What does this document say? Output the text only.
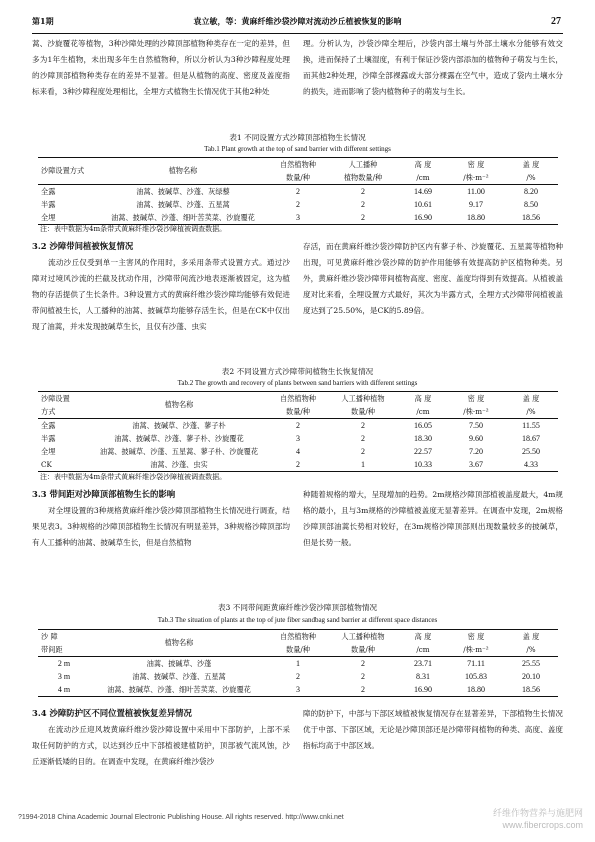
第1期	袁立敏，等：黄麻纤维沙袋沙障对流动沙丘植被恢复的影响	27

蒿、沙旋覆花等植物，3种沙障处理的沙障顶部植物种类存在一定的差异，但多为1年生植物，未出现多年生自然植物种，所以分析认为3种沙障程度处理的沙障顶部植物种类存在的差异不显著。但是从植物的高度、密度及盖度指标来看，3种沙障程度处理相比，全埋方式植物生长情况优于其他2种处

理。分析认为，沙袋沙障全埋后，沙袋内部土壤与外部土壤水分能够有效交换，进而保持了土壤湿度，有利于保证沙袋内部添加的植物种子萌发与生长，而其他2种处理，沙障全部裸露或大部分裸露在空气中，造成了袋内土壤水分的损失，进而影响了袋内植物种子的萌发与生长。

表1 不同设置方式沙障顶部植物生长情况
Tab.1 Plant growth at the top of sand barrier with different settings
沙障设置方式	植物名称	自然植物种	人工播种	高 度	密 度	盖 度
		数量/种	植物数量/种	/cm	/株·m⁻²	/%
全露	油蒿、披碱草、沙蓬、灰绿藜	2	2	14.69	11.00	8.20
半露	油蒿、披碱草、沙蓬、五星蒿	2	2	10.61	9.17	8.50
全埋	油蒿、披碱草、沙蓬、细叶苦荬菜、沙旋覆花	3	2	16.90	18.80	18.56
注：表中数据为4m条带式黄麻纤维沙袋沙障植被调查数据。
3.2 沙障带间植被恢复情况

流动沙丘仅受到单一主害风的作用时，多采用条带式设置方式。通过沙障对过境风沙流的拦截及扰动作用，沙障带间流沙地表逐渐被固定，这为植物的存活提供了生长条件。3种设置方式的黄麻纤维沙袋沙障均能够有效促进带间植被生长，人工播种的油蒿、披碱草均能够存活生长，但是在CK中仅出现了油蒿，并未发现披碱草生长，且仅有沙蓬、虫实

存活，而在黄麻纤维沙袋沙障防护区内有蓼子朴、沙旋覆花、五星蒿等植物种出现，可见黄麻纤维沙袋沙障的防护作用能够有效提高防护区植物种类。另外，黄麻纤维沙袋沙障带间植物高度、密度、盖度均得到有效提高。从植被盖度对比来看，全埋设置方式最好，其次为半露方式，全埋方式沙障带间植被盖度达到了25.50%，是CK的5.89倍。

表2 不同设置方式沙障带间植物生长恢复情况
Tab.2 The growth and recovery of plants between sand barriers with different settings
沙障设置	植物名称	自然植物种	人工播种植物	高 度	密 度	盖 度
方式		数量/种	数量/种	/cm	/株·m⁻²	/%
全露	油蒿、披碱草、沙蓬、蓼子朴	2	2	16.05	7.50	11.55
半露	油蒿、披碱草、沙蓬、蓼子朴、沙旋覆花	3	2	18.30	9.60	18.67
全埋	油蒿、披碱草、沙蓬、五星蒿、蓼子朴、沙旋覆花	4	2	22.57	7.20	25.50
CK	油蒿、沙蓬、虫实	2	1	10.33	3.67	4.33
注：表中数据为4m条带式黄麻纤维沙袋沙障植被调查数据。
3.3 带间距对沙障顶部植物生长的影响

对全埋设置的3种规格黄麻纤维沙袋沙障顶部植物生长情况进行调查，结果见表3。3种规格的沙障顶部植物生长情况有明显差异，3种规格沙障顶部均有人工播种的油蒿、披碱草生长，但是自然植物

种随着规格的增大，呈现增加的趋势。2m规格沙障顶部植被盖度最大，4m规格的最小，且与3m规格的沙障植被盖度无显著差异。在调查中发现，2m规格沙障顶部油蒿长势相对较好，在3m规格沙障顶部则出现数量较多的披碱草，但是长势一般。

表3 不同带间距黄麻纤维沙袋沙障顶部植物情况
Tab.3 The situation of plants at the top of jute fiber sandbag sand barrier at different space distances
沙 障	植物名称	自然植物种	人工播种植物	高 度	密 度	盖 度
带间距		数量/种	数量/种	/cm	/株·m⁻²	/%
2 m	油蒿、披碱草、沙蓬	1	2	23.71	71.11	25.55
3 m	油蒿、披碱草、沙蓬、五星蒿	2	2	8.31	105.83	20.10
4 m	油蒿、披碱草、沙蓬、细叶苦荬菜、沙旋覆花	3	2	16.90	18.80	18.56
3.4 沙障防护区不同位置植被恢复差异情况

在流动沙丘迎风坡黄麻纤维沙袋沙障设置中采用中下部防护，上部不采取任何防护的方式，以达到沙丘中下部植被建植防护，顶部被气流风蚀，沙丘逐渐低矮的目的。在调查中发现，在黄麻纤维沙袋沙

障的防护下，中部与下部区域植被恢复情况存在显著差异，下部植物生长情况优于中部、下部区域，无论是沙障顶部还是沙障带间植物的种类、高度、盖度指标均高于中部区域。

?1994-2018 China Academic Journal Electronic Publishing House. All rights reserved. http://www.cnki.net	纤维作物营养与施肥网
www.fibercrops.com
